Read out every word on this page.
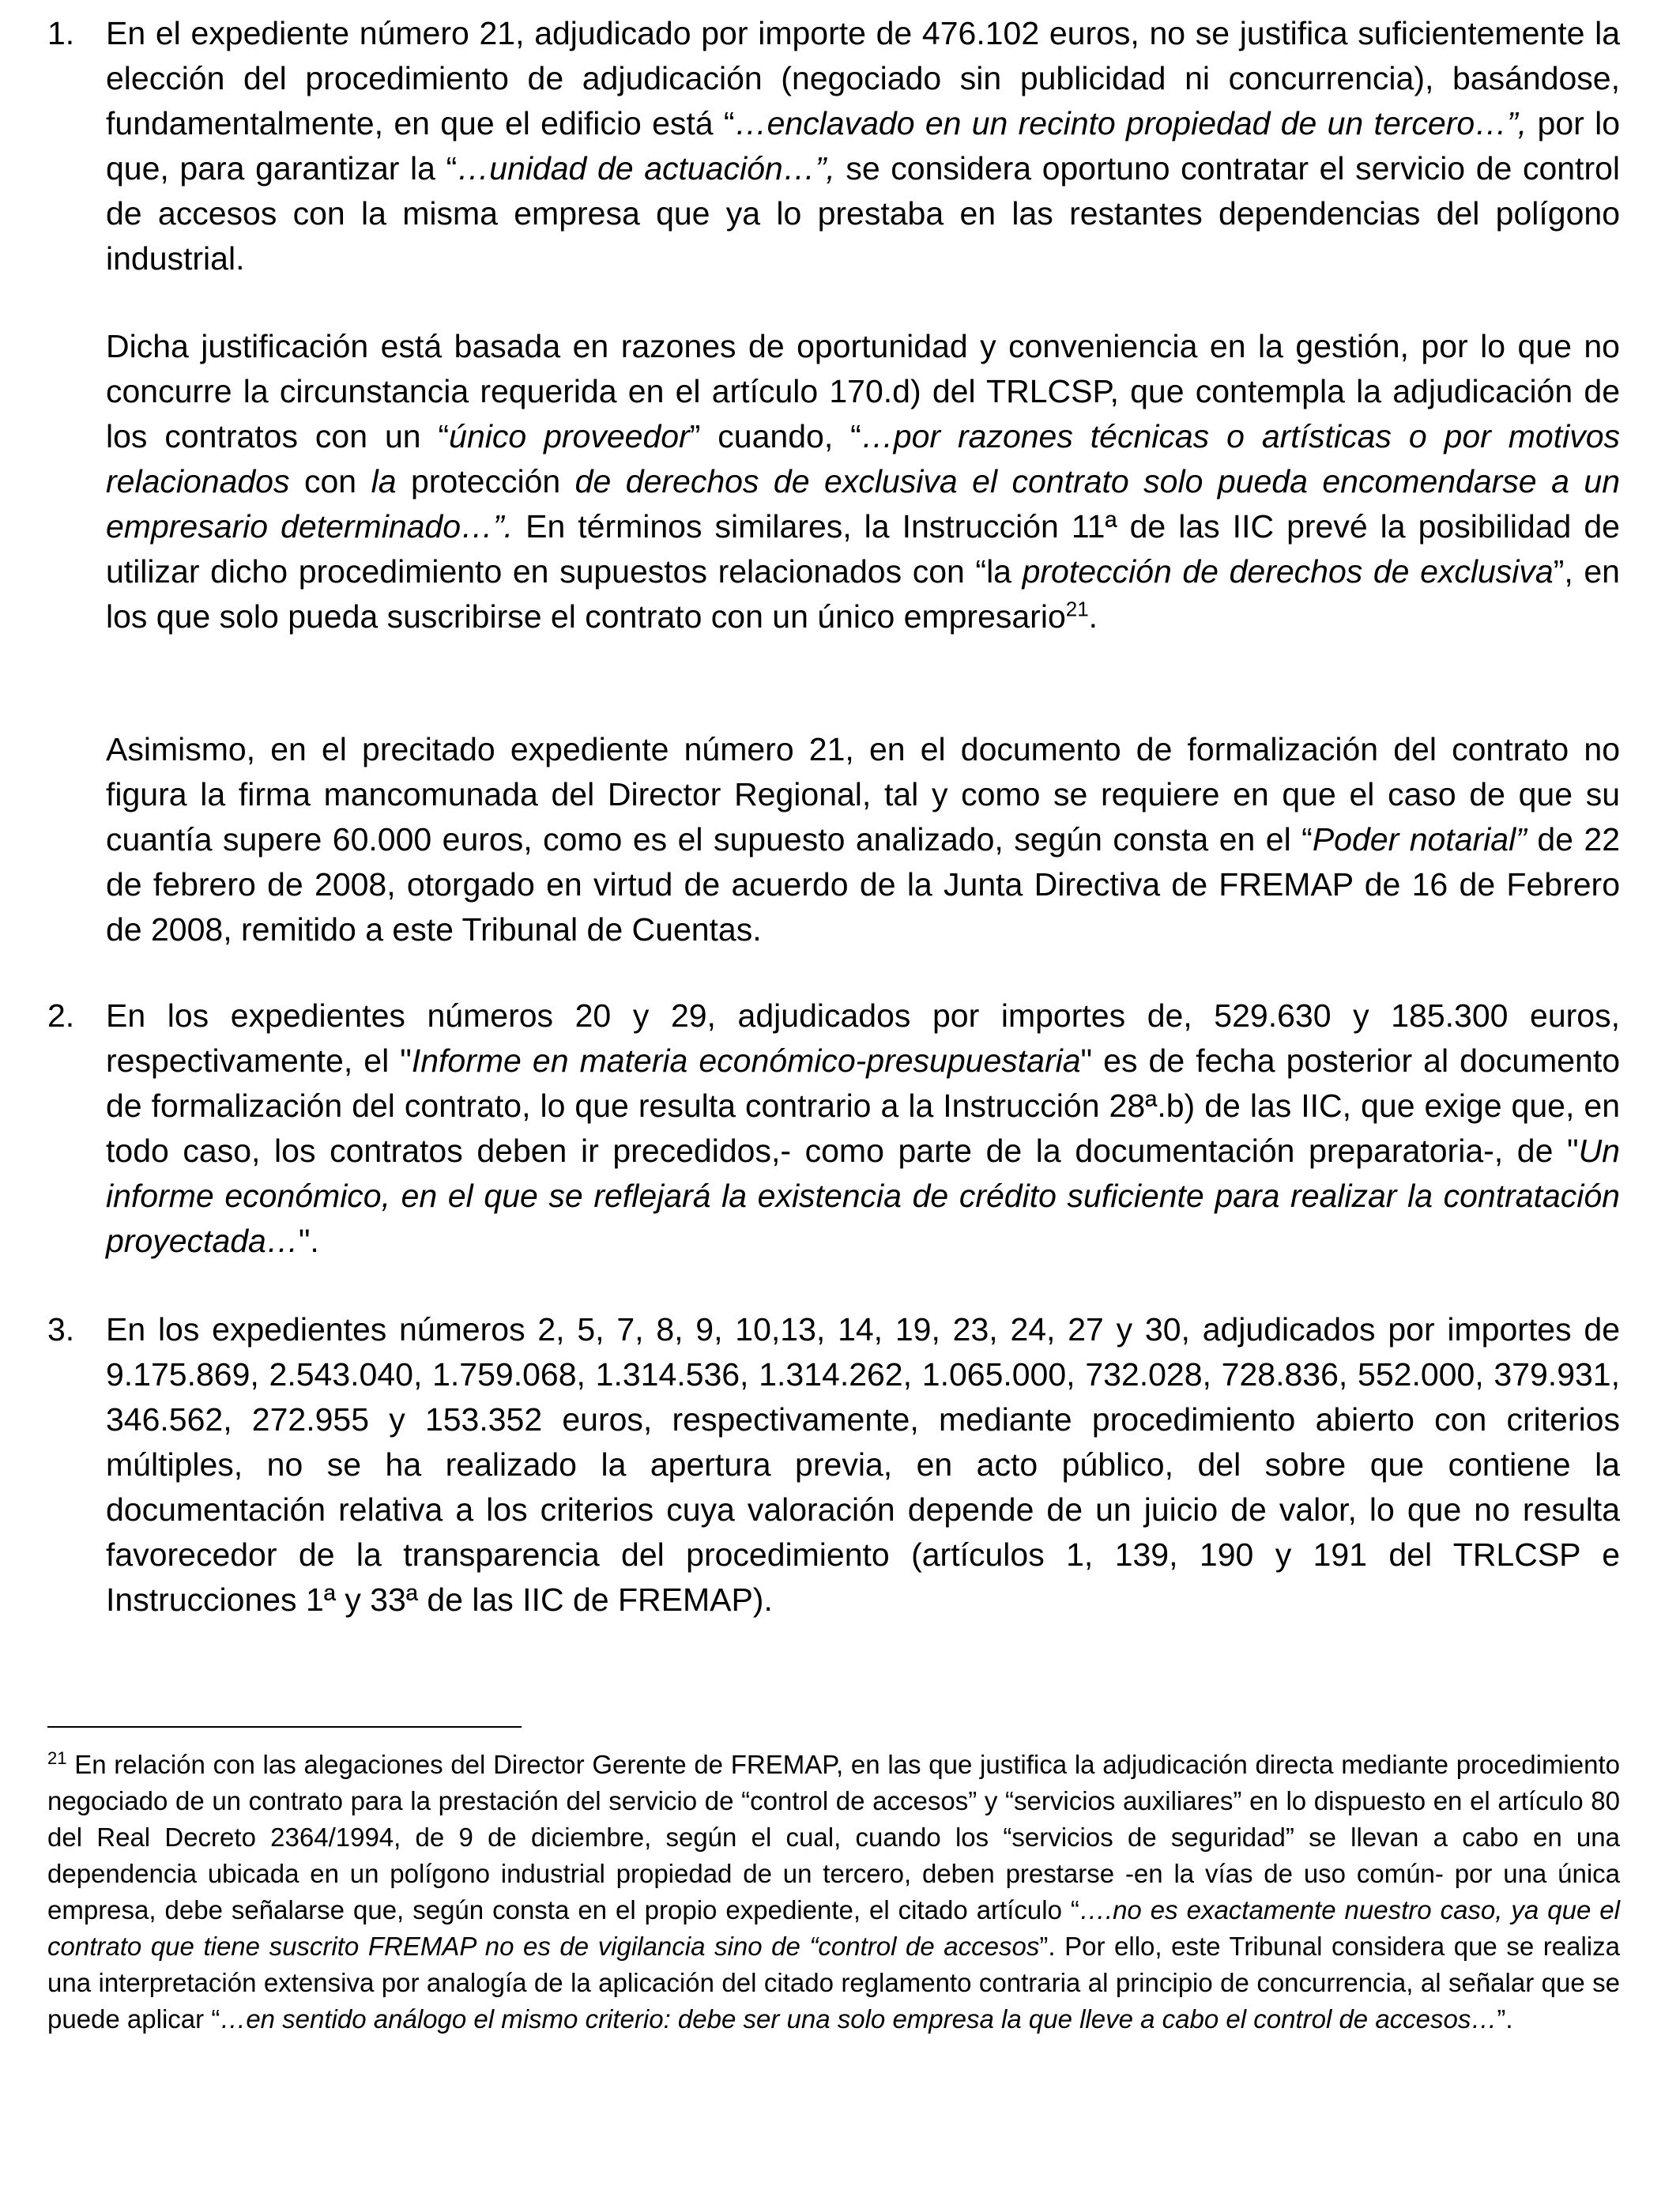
1. En el expediente número 21, adjudicado por importe de 476.102 euros, no se justifica suficientemente la elección del procedimiento de adjudicación (negociado sin publicidad ni concurrencia), basándose, fundamentalmente, en que el edificio está “…enclavado en un recinto propiedad de un tercero…”, por lo que, para garantizar la “…unidad de actuación…”, se considera oportuno contratar el servicio de control de accesos con la misma empresa que ya lo prestaba en las restantes dependencias del polígono industrial.

Dicha justificación está basada en razones de oportunidad y conveniencia en la gestión, por lo que no concurre la circunstancia requerida en el artículo 170.d) del TRLCSP, que contempla la adjudicación de los contratos con un “único proveedor” cuando, “…por razones técnicas o artísticas o por motivos relacionados con la protección de derechos de exclusiva el contrato solo pueda encomendarse a un empresario determinado…”. En términos similares, la Instrucción 11ª de las IIC prevé la posibilidad de utilizar dicho procedimiento en supuestos relacionados con “la protección de derechos de exclusiva”, en los que solo pueda suscribirse el contrato con un único empresario$^{21}$.

Asimismo, en el precitado expediente número 21, en el documento de formalización del contrato no figura la firma mancomunada del Director Regional, tal y como se requiere en que el caso de que su cuantía supere 60.000 euros, como es el supuesto analizado, según consta en el “Poder notarial” de 22 de febrero de 2008, otorgado en virtud de acuerdo de la Junta Directiva de FREMAP de 16 de Febrero de 2008, remitido a este Tribunal de Cuentas.

2. En los expedientes números 20 y 29, adjudicados por importes de, 529.630 y 185.300 euros, respectivamente, el "Informe en materia económico-presupuestaria" es de fecha posterior al documento de formalización del contrato, lo que resulta contrario a la Instrucción 28ª.b) de las IIC, que exige que, en todo caso, los contratos deben ir precedidos,- como parte de la documentación preparatoria-, de "Un informe económico, en el que se reflejará la existencia de crédito suficiente para realizar la contratación proyectada…".

3. En los expedientes números 2, 5, 7, 8, 9, 10,13, 14, 19, 23, 24, 27 y 30, adjudicados por importes de 9.175.869, 2.543.040, 1.759.068, 1.314.536, 1.314.262, 1.065.000, 732.028, 728.836, 552.000, 379.931, 346.562, 272.955 y 153.352 euros, respectivamente, mediante procedimiento abierto con criterios múltiples, no se ha realizado la apertura previa, en acto público, del sobre que contiene la documentación relativa a los criterios cuya valoración depende de un juicio de valor, lo que no resulta favorecedor de la transparencia del procedimiento (artículos 1, 139, 190 y 191 del TRLCSP e Instrucciones 1ª y 33ª de las IIC de FREMAP).

$^{21}$ En relación con las alegaciones del Director Gerente de FREMAP, en las que justifica la adjudicación directa mediante procedimiento negociado de un contrato para la prestación del servicio de “control de accesos” y “servicios auxiliares” en lo dispuesto en el artículo 80 del Real Decreto 2364/1994, de 9 de diciembre, según el cual, cuando los “servicios de seguridad” se llevan a cabo en una dependencia ubicada en un polígono industrial propiedad de un tercero, deben prestarse -en la vías de uso común- por una única empresa, debe señalarse que, según consta en el propio expediente, el citado artículo “….no es exactamente nuestro caso, ya que el contrato que tiene suscrito FREMAP no es de vigilancia sino de “control de accesos”. Por ello, este Tribunal considera que se realiza una interpretación extensiva por analogía de la aplicación del citado reglamento contraria al principio de concurrencia, al señalar que se puede aplicar “…en sentido análogo el mismo criterio: debe ser una solo empresa la que lleve a cabo el control de accesos…”.
